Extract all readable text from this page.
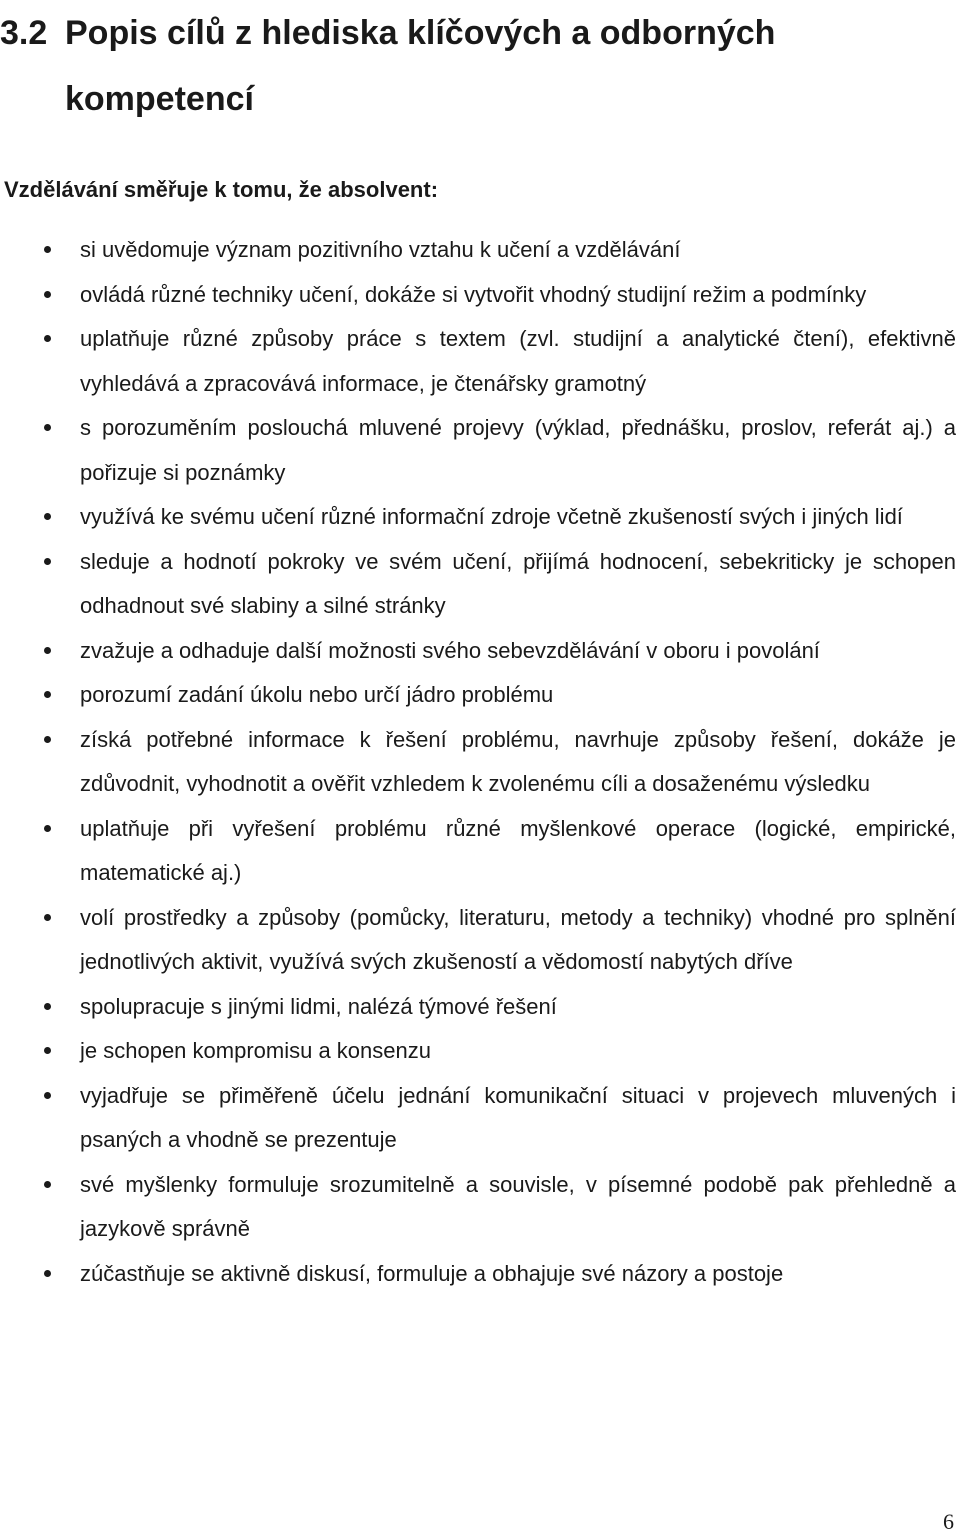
3.2 Popis cílů z hlediska klíčových a odborných kompetencí

Vzdělávání směřuje k tomu, že absolvent:

si uvědomuje význam pozitivního vztahu k učení a vzdělávání
ovládá různé techniky učení, dokáže si vytvořit vhodný studijní režim a podmínky
uplatňuje různé způsoby práce s textem (zvl. studijní a analytické čtení), efektivně vyhledává a zpracovává informace, je čtenářsky gramotný
s porozuměním poslouchá mluvené projevy (výklad, přednášku, proslov, referát aj.) a pořizuje si poznámky
využívá ke svému učení různé informační zdroje včetně zkušeností svých i jiných lidí
sleduje a hodnotí pokroky ve svém učení, přijímá hodnocení, sebekriticky je schopen odhadnout své slabiny a silné stránky
zvažuje a odhaduje další možnosti svého sebevzdělávání v oboru i povolání
porozumí zadání úkolu nebo určí jádro problému
získá potřebné informace k řešení problému, navrhuje způsoby řešení, dokáže je zdůvodnit, vyhodnotit a ověřit vzhledem k zvolenému cíli a dosaženému výsledku
uplatňuje při vyřešení problému různé myšlenkové operace (logické, empirické, matematické aj.)
volí prostředky a způsoby (pomůcky, literaturu, metody a techniky) vhodné pro splnění jednotlivých aktivit, využívá svých zkušeností a vědomostí nabytých dříve
spolupracuje s jinými lidmi, nalézá týmové řešení
je schopen kompromisu a konsenzu
vyjadřuje se přiměřeně účelu jednání komunikační situaci v projevech mluvených i psaných a vhodně se prezentuje
své myšlenky formuluje srozumitelně a souvisle, v písemné podobě pak přehledně a jazykově správně
zúčastňuje se aktivně diskusí, formuluje a obhajuje své názory a postoje
6
